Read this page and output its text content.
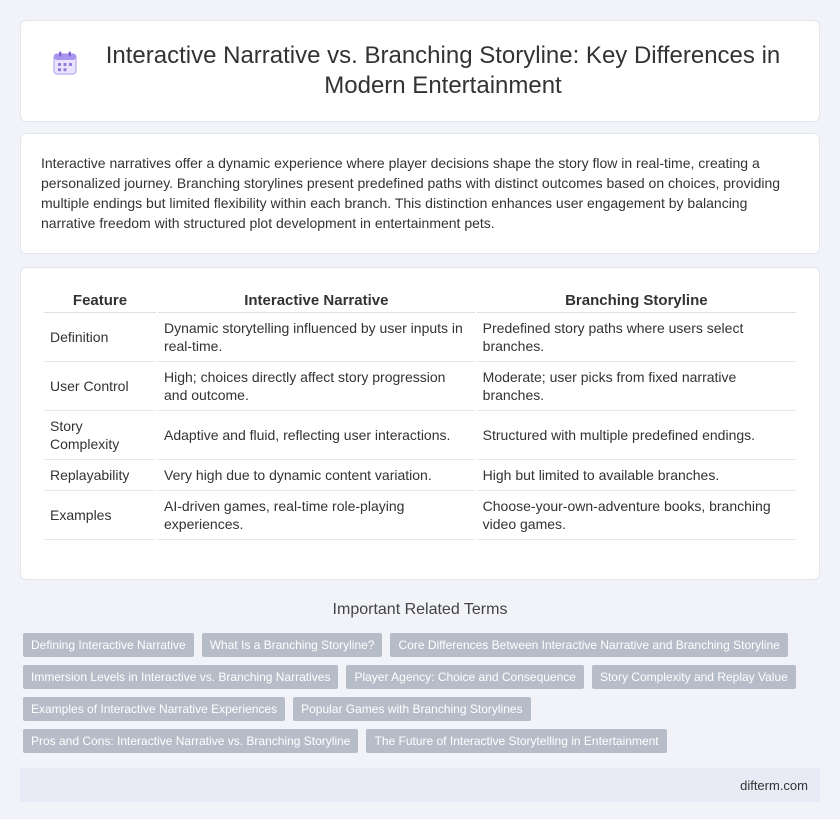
Interactive Narrative vs. Branching Storyline: Key Differences in Modern Entertainment

Interactive narratives offer a dynamic experience where player decisions shape the story flow in real-time, creating a personalized journey. Branching storylines present predefined paths with distinct outcomes based on choices, providing multiple endings but limited flexibility within each branch. This distinction enhances user engagement by balancing narrative freedom with structured plot development in entertainment pets.

Feature	Interactive Narrative	Branching Storyline
Definition	Dynamic storytelling influenced by user inputs in real-time.	Predefined story paths where users select branches.
User Control	High; choices directly affect story progression and outcome.	Moderate; user picks from fixed narrative branches.
Story Complexity	Adaptive and fluid, reflecting user interactions.	Structured with multiple predefined endings.
Replayability	Very high due to dynamic content variation.	High but limited to available branches.
Examples	AI-driven games, real-time role-playing experiences.	Choose-your-own-adventure books, branching video games.
Important Related Terms
Defining Interactive Narrative	What Is a Branching Storyline?	Core Differences Between Interactive Narrative and Branching Storyline
Immersion Levels in Interactive vs. Branching Narratives	Player Agency: Choice and Consequence	Story Complexity and Replay Value
Examples of Interactive Narrative Experiences	Popular Games with Branching Storylines
Pros and Cons: Interactive Narrative vs. Branching Storyline	The Future of Interactive Storytelling in Entertainment
difterm.com
